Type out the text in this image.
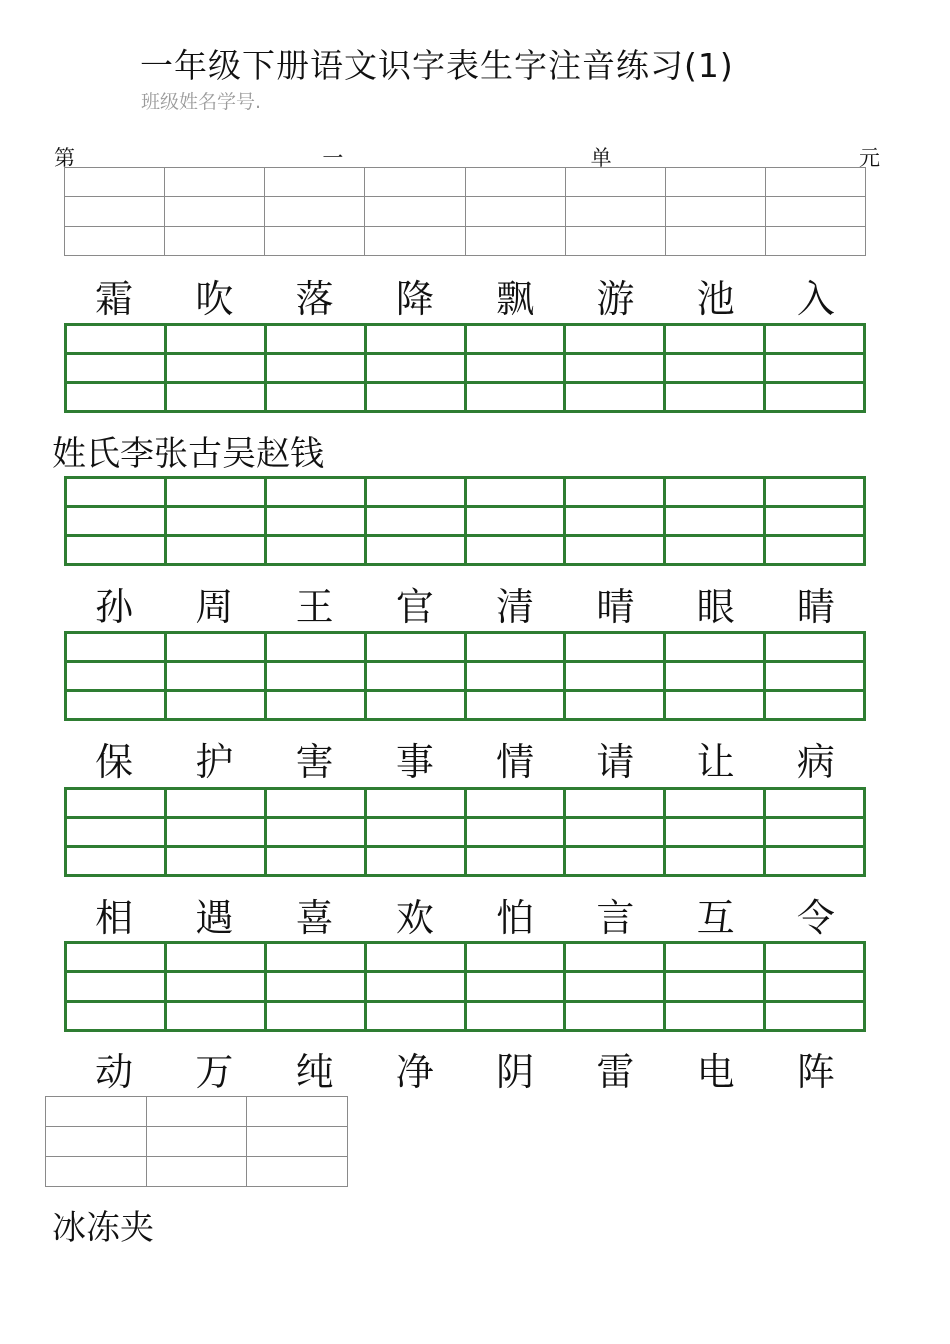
一年级下册语文识字表生字注音练习(1)
班级姓名学号.
第	一	单	元
霜	吹	落	降	飘	游	池	入
姓氏李张古吴赵钱
孙	周	王	官	清	晴	眼	睛
保	护	害	事	情	请	让	病
相	遇	喜	欢	怕	言	互	令
动	万	纯	净	阴	雷	电	阵
冰冻夹
